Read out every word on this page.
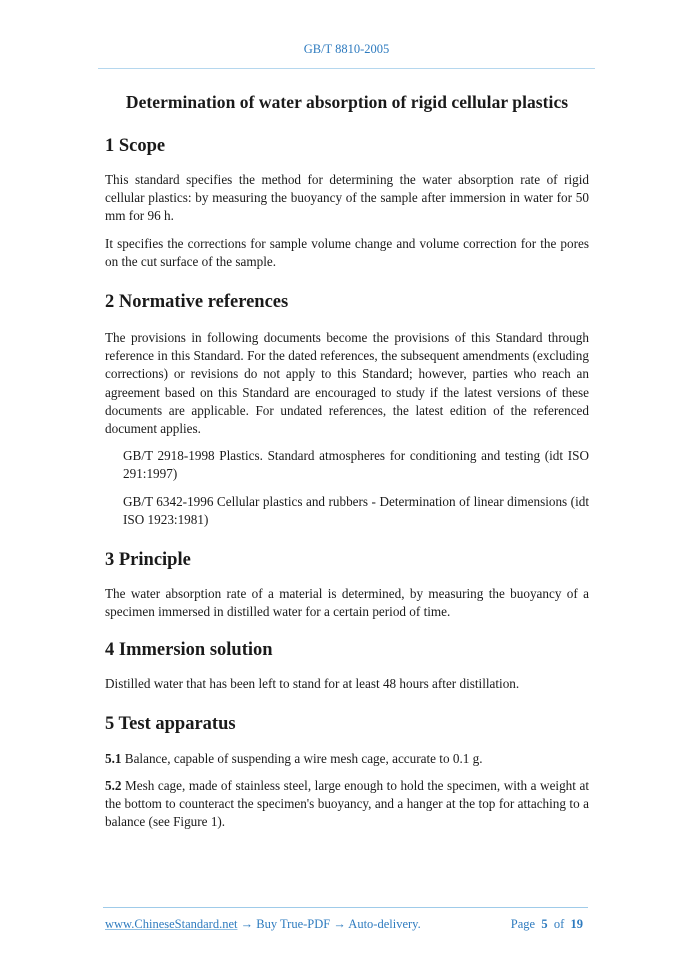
GB/T 8810-2005
Determination of water absorption of rigid cellular plastics
1 Scope

This standard specifies the method for determining the water absorption rate of rigid cellular plastics: by measuring the buoyancy of the sample after immersion in water for 50 mm for 96 h.

It specifies the corrections for sample volume change and volume correction for the pores on the cut surface of the sample.

2 Normative references

The provisions in following documents become the provisions of this Standard through reference in this Standard. For the dated references, the subsequent amendments (excluding corrections) or revisions do not apply to this Standard; however, parties who reach an agreement based on this Standard are encouraged to study if the latest versions of these documents are applicable. For undated references, the latest edition of the referenced document applies.

GB/T 2918-1998 Plastics. Standard atmospheres for conditioning and testing (idt ISO 291:1997)

GB/T 6342-1996 Cellular plastics and rubbers - Determination of linear dimensions (idt ISO 1923:1981)

3 Principle

The water absorption rate of a material is determined, by measuring the buoyancy of a specimen immersed in distilled water for a certain period of time.

4 Immersion solution

Distilled water that has been left to stand for at least 48 hours after distillation.

5 Test apparatus

5.1 Balance, capable of suspending a wire mesh cage, accurate to 0.1 g.

5.2 Mesh cage, made of stainless steel, large enough to hold the specimen, with a weight at the bottom to counteract the specimen's buoyancy, and a hanger at the top for attaching to a balance (see Figure 1).

www.ChineseStandard.net → Buy True-PDF → Auto-delivery.	Page 5 of 19
